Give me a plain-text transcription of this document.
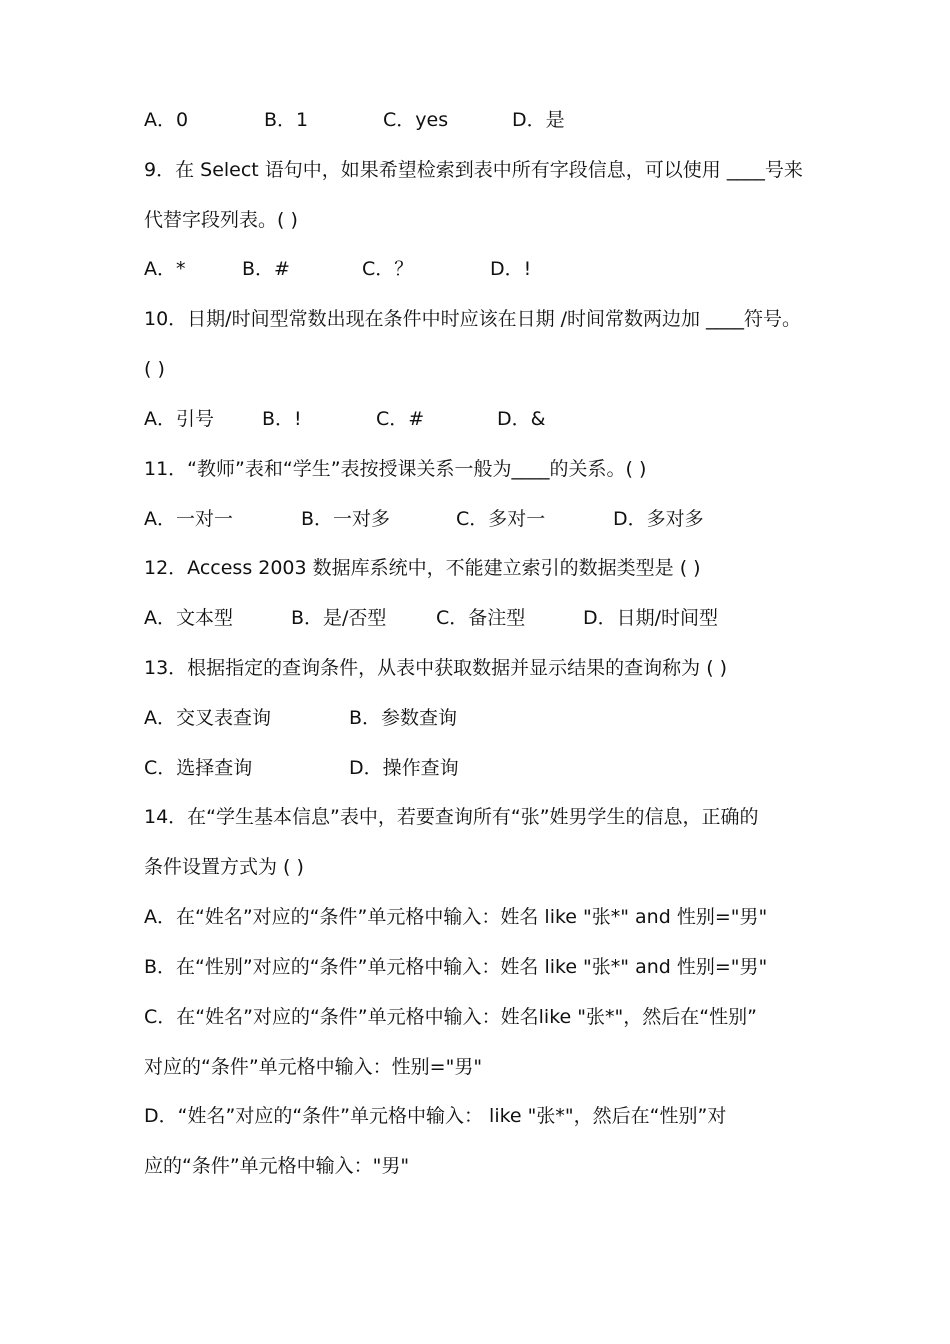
A．0	B．1	C．yes	D．是
9．在 Select 语句中，如果希望检索到表中所有字段信息，可以使用 ____号来
代替字段列表。( )
A．*	B．#	C．？	D．!
10．日期/时间型常数出现在条件中时应该在日期 /时间常数两边加 ____符号。
( )
A．引号	B．!	C．#	D．&
11．“教师”表和“学生”表按授课关系一般为____的关系。( )
A．一对一	B．一对多	C．多对一	D．多对多
12．Access 2003 数据库系统中，不能建立索引的数据类型是 ( )
A．文本型	B．是/否型	C．备注型	D．日期/时间型
13．根据指定的查询条件，从表中获取数据并显示结果的查询称为 ( )
A．交叉表查询	B．参数查询
C．选择查询	D．操作查询
14．在“学生基本信息”表中，若要查询所有“张”姓男学生的信息，正确的
条件设置方式为 ( )
A．在“姓名”对应的“条件”单元格中输入：姓名 like "张*" and 性别="男"
B．在“性别”对应的“条件”单元格中输入：姓名 like "张*" and 性别="男"
C．在“姓名”对应的“条件”单元格中输入：姓名like "张*"，然后在“性别”
对应的“条件”单元格中输入：性别="男"
D．“姓名”对应的“条件”单元格中输入： like "张*"，然后在“性别”对
应的“条件”单元格中输入："男"
